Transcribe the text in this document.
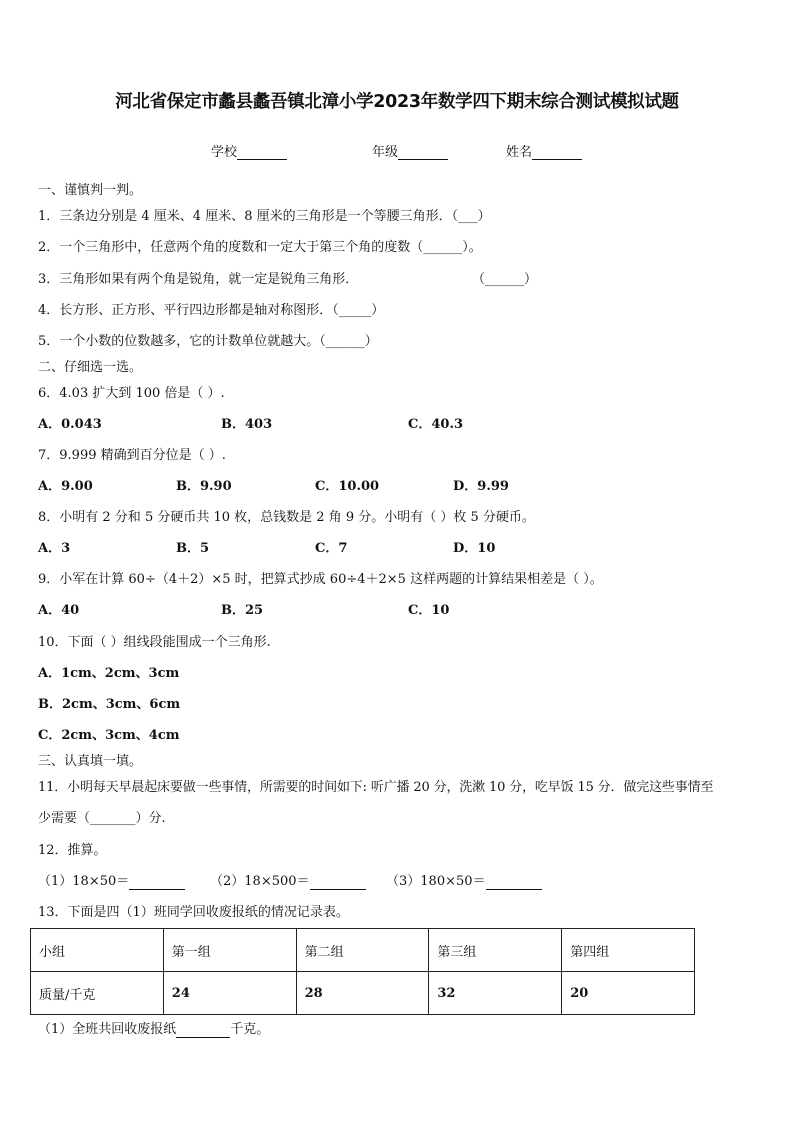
河北省保定市蠡县蠡吾镇北漳小学2023年数学四下期末综合测试模拟试题
学校	年级	姓名
一、谨慎判一判。
1．三条边分别是 4 厘米、4 厘米、8 厘米的三角形是一个等腰三角形．（___）
2．一个三角形中，任意两个角的度数和一定大于第三个角的度数（______）。
3．三角形如果有两个角是锐角，就一定是锐角三角形．	（______）
4．长方形、正方形、平行四边形都是轴对称图形．（_____）
5．一个小数的位数越多，它的计数单位就越大。（______）
二、仔细选一选。
6．4.03 扩大到 100 倍是（ ）.
A．0.043	B．403	C．40.3
7．9.999 精确到百分位是（ ）.
A．9.00	B．9.90	C．10.00	D．9.99
8．小明有 2 分和 5 分硬币共 10 枚，总钱数是 2 角 9 分。小明有（ ）枚 5 分硬币。
A．3	B．5	C．7	D．10
9．小军在计算 60÷（4＋2）×5 时，把算式抄成 60÷4＋2×5 这样两题的计算结果相差是（ ）。
A．40	B．25	C．10
10．下面（ ）组线段能围成一个三角形.
A．1cm、2cm、3cm
B．2cm、3cm、6cm
C．2cm、3cm、4cm
三、认真填一填。
11．小明每天早晨起床要做一些事情，所需要的时间如下: 听广播 20 分，洗漱 10 分，吃早饭 15 分．做完这些事情至
少需要（_______）分.
12．推算。
（1）18×50＝	（2）18×500＝	（3）180×50＝
13．下面是四（1）班同学回收废报纸的情况记录表。
小组	第一组	第二组	第三组	第四组
质量/千克	24	28	32	20
（1）全班共回收废报纸	千克。
